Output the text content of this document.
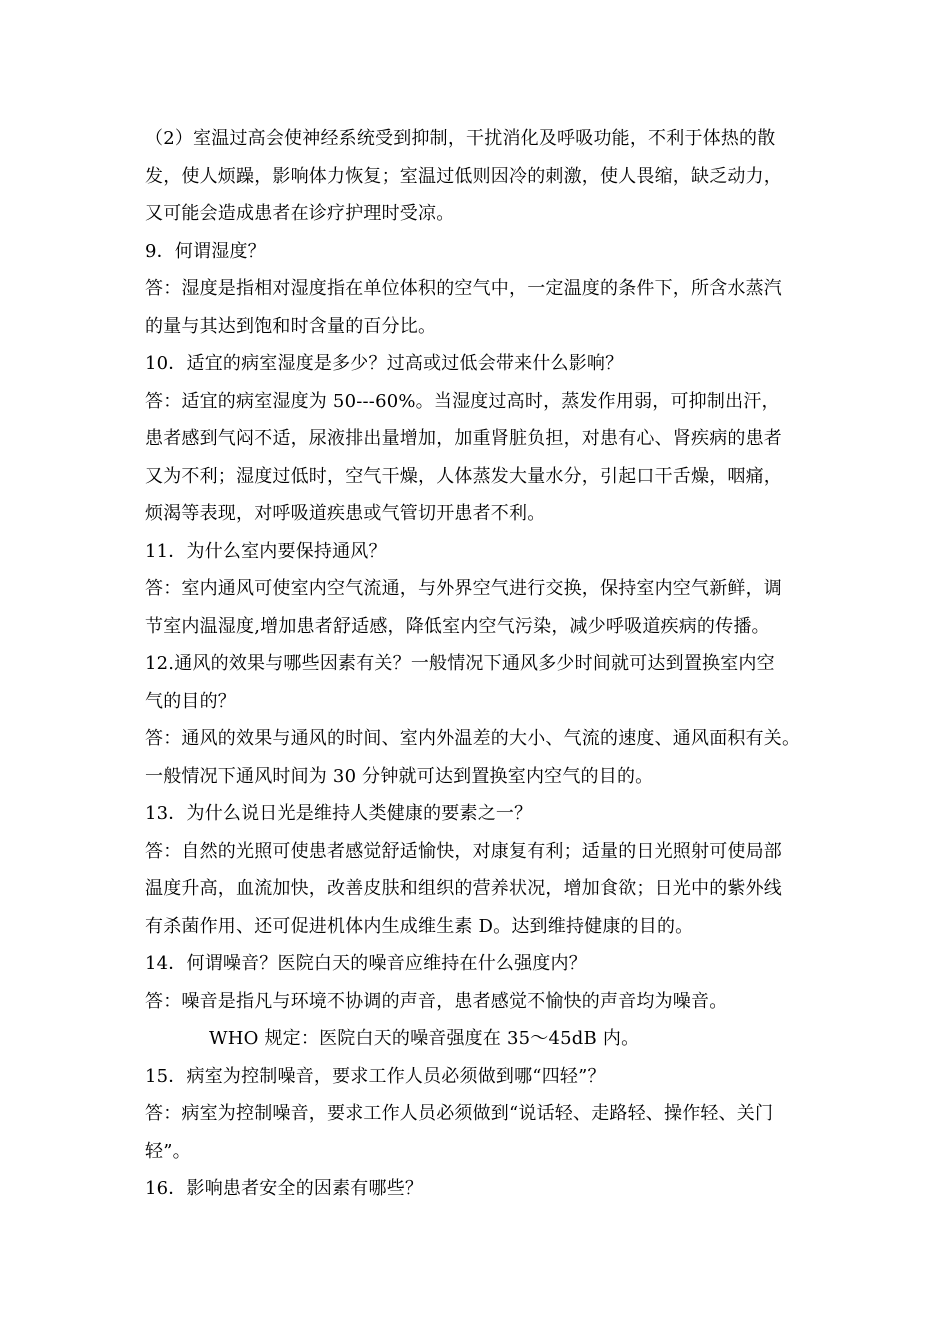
（2）室温过高会使神经系统受到抑制，干扰消化及呼吸功能，不利于体热的散
发，使人烦躁，影响体力恢复；室温过低则因冷的刺激，使人畏缩，缺乏动力，
又可能会造成患者在诊疗护理时受凉。
9．何谓湿度？
答：湿度是指相对湿度指在单位体积的空气中，一定温度的条件下，所含水蒸汽
的量与其达到饱和时含量的百分比。
10．适宜的病室湿度是多少？过高或过低会带来什么影响？
答：适宜的病室湿度为 50---60%。当湿度过高时，蒸发作用弱，可抑制出汗，
患者感到气闷不适，尿液排出量增加，加重肾脏负担，对患有心、肾疾病的患者
又为不利；湿度过低时，空气干燥，人体蒸发大量水分，引起口干舌燥，咽痛，
烦渴等表现，对呼吸道疾患或气管切开患者不利。
11．为什么室内要保持通风？
答：室内通风可使室内空气流通，与外界空气进行交换，保持室内空气新鲜，调
节室内温湿度,增加患者舒适感，降低室内空气污染，减少呼吸道疾病的传播。
12.通风的效果与哪些因素有关？一般情况下通风多少时间就可达到置换室内空
气的目的？
答：通风的效果与通风的时间、室内外温差的大小、气流的速度、通风面积有关。
一般情况下通风时间为 30 分钟就可达到置换室内空气的目的。
13．为什么说日光是维持人类健康的要素之一？
答：自然的光照可使患者感觉舒适愉快，对康复有利；适量的日光照射可使局部
温度升高，血流加快，改善皮肤和组织的营养状况，增加食欲；日光中的紫外线
有杀菌作用、还可促进机体内生成维生素 D。达到维持健康的目的。
14．何谓噪音？医院白天的噪音应维持在什么强度内？
答：噪音是指凡与环境不协调的声音，患者感觉不愉快的声音均为噪音。
WHO 规定：医院白天的噪音强度在 35～45dB 内。
15．病室为控制噪音，要求工作人员必须做到哪“四轻”？
答：病室为控制噪音，要求工作人员必须做到“说话轻、走路轻、操作轻、关门
轻”。
16．影响患者安全的因素有哪些？
